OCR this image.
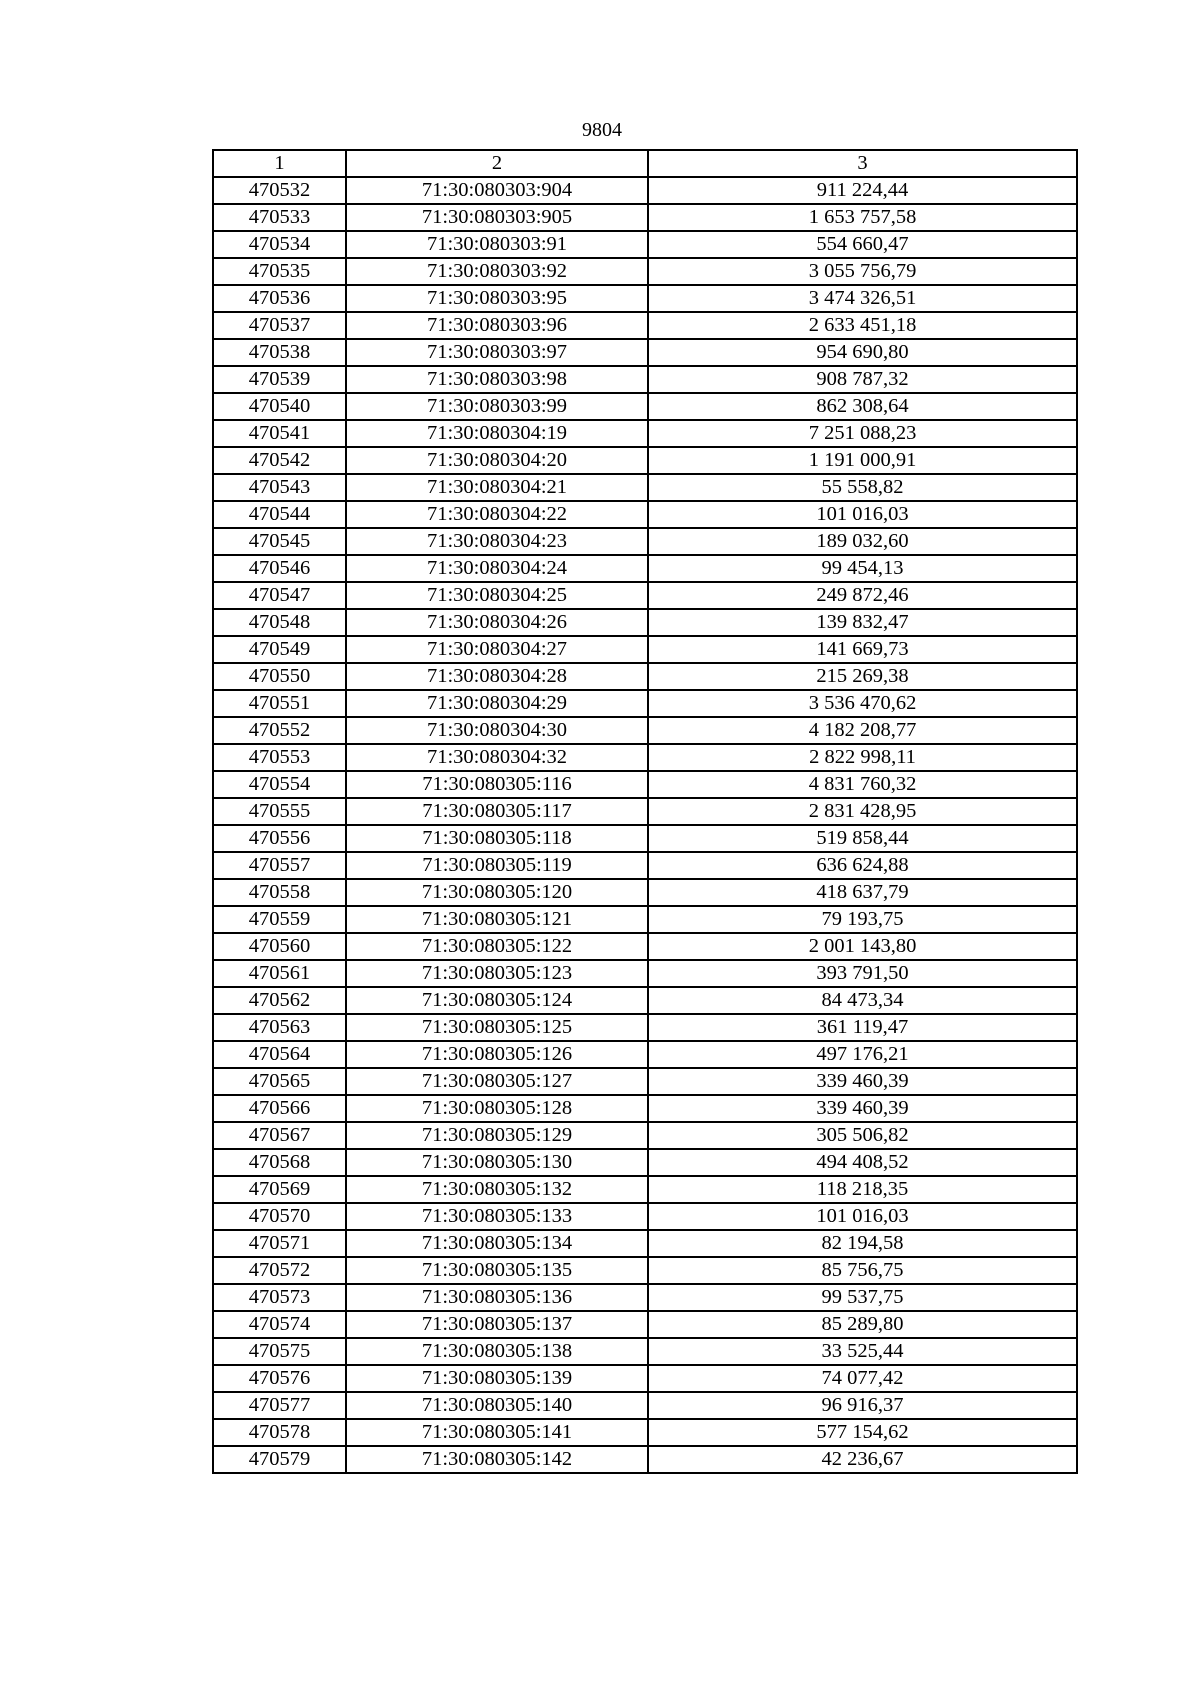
9804
1	2	3
470532	71:30:080303:904	911 224,44
470533	71:30:080303:905	1 653 757,58
470534	71:30:080303:91	554 660,47
470535	71:30:080303:92	3 055 756,79
470536	71:30:080303:95	3 474 326,51
470537	71:30:080303:96	2 633 451,18
470538	71:30:080303:97	954 690,80
470539	71:30:080303:98	908 787,32
470540	71:30:080303:99	862 308,64
470541	71:30:080304:19	7 251 088,23
470542	71:30:080304:20	1 191 000,91
470543	71:30:080304:21	55 558,82
470544	71:30:080304:22	101 016,03
470545	71:30:080304:23	189 032,60
470546	71:30:080304:24	99 454,13
470547	71:30:080304:25	249 872,46
470548	71:30:080304:26	139 832,47
470549	71:30:080304:27	141 669,73
470550	71:30:080304:28	215 269,38
470551	71:30:080304:29	3 536 470,62
470552	71:30:080304:30	4 182 208,77
470553	71:30:080304:32	2 822 998,11
470554	71:30:080305:116	4 831 760,32
470555	71:30:080305:117	2 831 428,95
470556	71:30:080305:118	519 858,44
470557	71:30:080305:119	636 624,88
470558	71:30:080305:120	418 637,79
470559	71:30:080305:121	79 193,75
470560	71:30:080305:122	2 001 143,80
470561	71:30:080305:123	393 791,50
470562	71:30:080305:124	84 473,34
470563	71:30:080305:125	361 119,47
470564	71:30:080305:126	497 176,21
470565	71:30:080305:127	339 460,39
470566	71:30:080305:128	339 460,39
470567	71:30:080305:129	305 506,82
470568	71:30:080305:130	494 408,52
470569	71:30:080305:132	118 218,35
470570	71:30:080305:133	101 016,03
470571	71:30:080305:134	82 194,58
470572	71:30:080305:135	85 756,75
470573	71:30:080305:136	99 537,75
470574	71:30:080305:137	85 289,80
470575	71:30:080305:138	33 525,44
470576	71:30:080305:139	74 077,42
470577	71:30:080305:140	96 916,37
470578	71:30:080305:141	577 154,62
470579	71:30:080305:142	42 236,67
